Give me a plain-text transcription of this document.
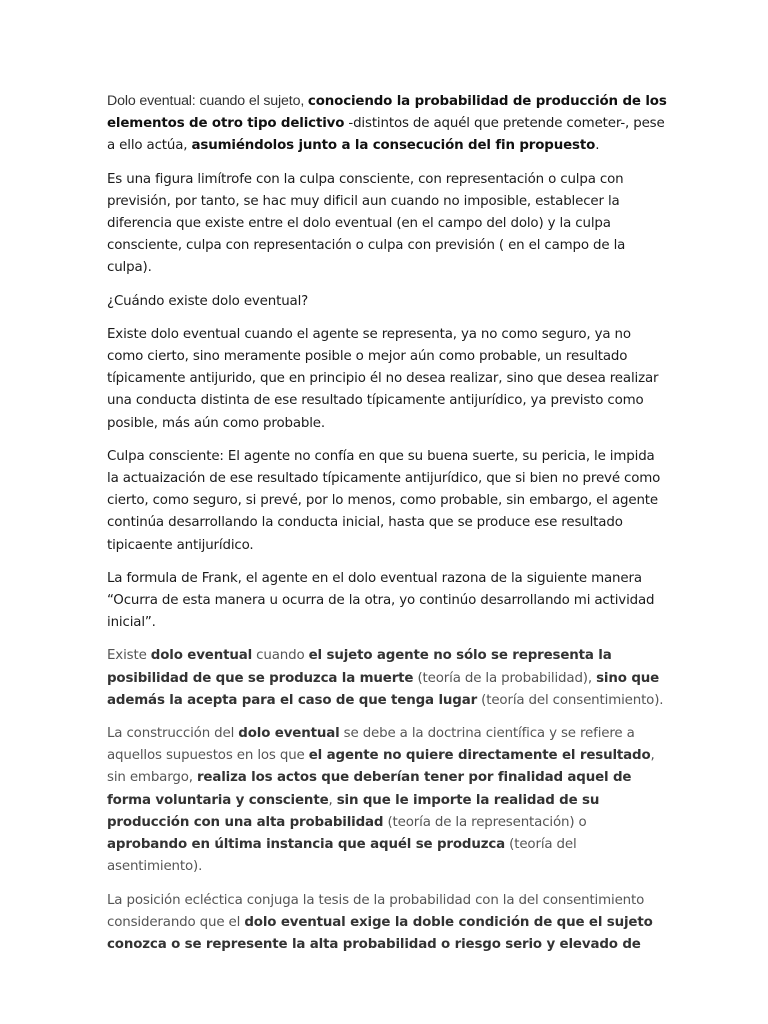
Dolo eventual: cuando el sujeto, conociendo la probabilidad de producción de los elementos de otro tipo delictivo -distintos de aquél que pretende cometer-, pese a ello actúa, asumiéndolos junto a la consecución del fin propuesto.

Es una figura limítrofe con la culpa consciente, con representación o culpa con previsión, por tanto, se hac muy dificil aun cuando no imposible, establecer la diferencia que existe entre el dolo eventual (en el campo del dolo) y la culpa consciente, culpa con representación o culpa con previsión ( en el campo de la culpa).

¿Cuándo existe dolo eventual?

Existe dolo eventual cuando el agente se representa, ya no como seguro, ya no como cierto, sino meramente posible o mejor aún como probable, un resultado típicamente antijurido, que en principio él no desea realizar, sino que desea realizar una conducta distinta de ese resultado típicamente antijurídico, ya previsto como posible, más aún como probable.

Culpa consciente: El agente no confía en que su buena suerte, su pericia, le impida la actuaización de ese resultado típicamente antijurídico, que si bien no prevé como cierto, como seguro, si prevé, por lo menos, como probable, sin embargo, el agente continúa desarrollando la conducta inicial, hasta que se produce ese resultado tipicaente antijurídico.

La formula de Frank, el agente en el dolo eventual razona de la siguiente manera “Ocurra de esta manera u ocurra de la otra, yo continúo desarrollando mi actividad inicial”.

Existe dolo eventual cuando el sujeto agente no sólo se representa la posibilidad de que se produzca la muerte (teoría de la probabilidad), sino que además la acepta para el caso de que tenga lugar (teoría del consentimiento).

La construcción del dolo eventual se debe a la doctrina científica y se refiere a aquellos supuestos en los que el agente no quiere directamente el resultado, sin embargo, realiza los actos que deberían tener por finalidad aquel de forma voluntaria y consciente, sin que le importe la realidad de su producción con una alta probabilidad (teoría de la representación) o aprobando en última instancia que aquél se produzca (teoría del asentimiento).

La posición ecléctica conjuga la tesis de la probabilidad con la del consentimiento considerando que el dolo eventual exige la doble condición de que el sujeto conozca o se represente la alta probabilidad o riesgo serio y elevado de
